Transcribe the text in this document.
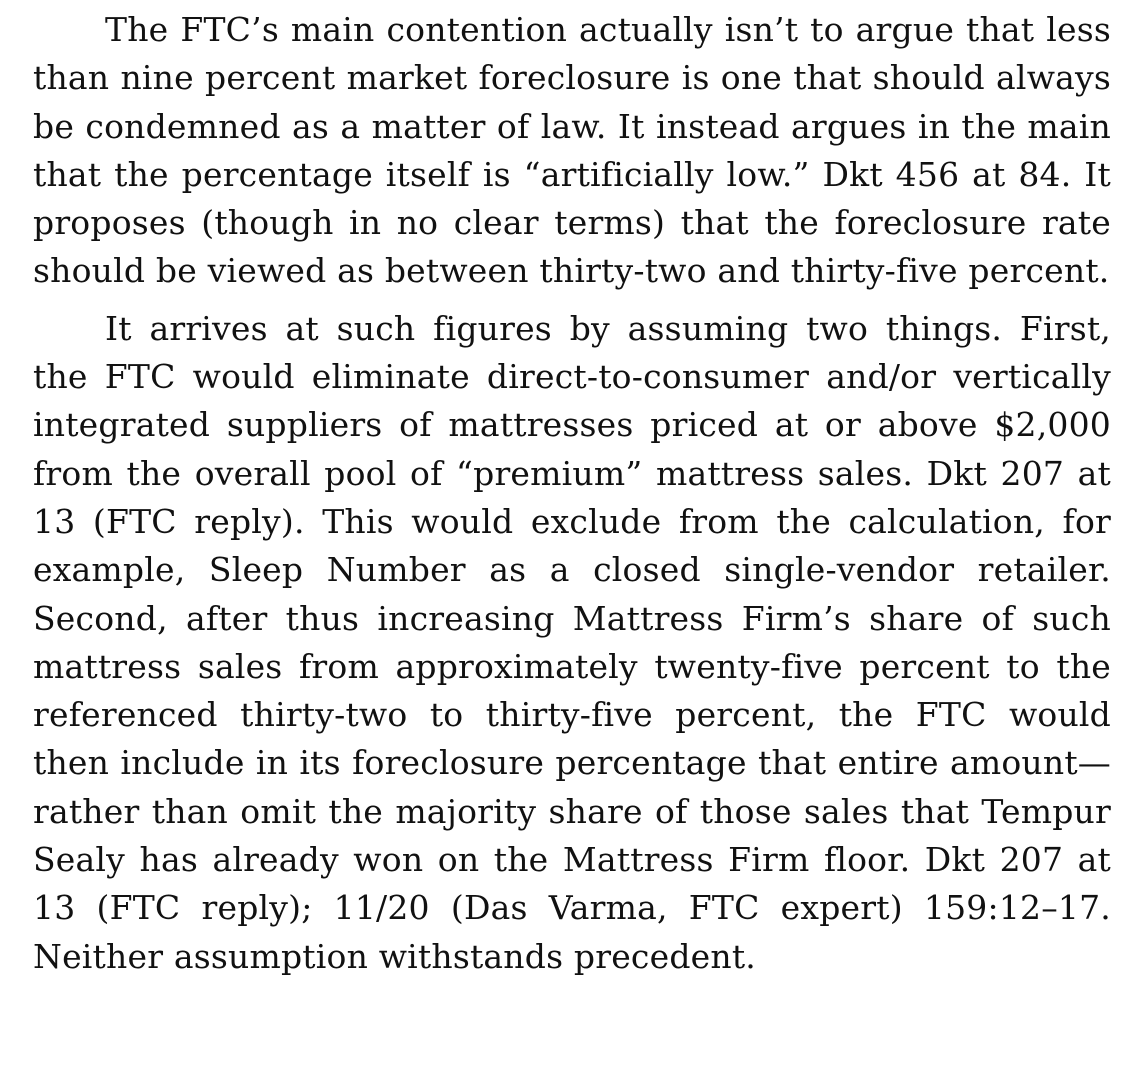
The FTC’s main contention actually isn’t to argue that less than nine percent market foreclosure is one that should always be condemned as a matter of law. It instead argues in the main that the percentage itself is “artificially low.” Dkt 456 at 84. It proposes (though in no clear terms) that the foreclosure rate should be viewed as between thirty-two and thirty-five percent.

It arrives at such figures by assuming two things. First, the FTC would eliminate direct-to-consumer and/or vertically integrated suppliers of mattresses priced at or above $2,000 from the overall pool of “premium” mattress sales. Dkt 207 at 13 (FTC reply). This would exclude from the calculation, for example, Sleep Number as a closed single-vendor retailer. Second, after thus increasing Mattress Firm’s share of such mattress sales from approximately twenty-five percent to the referenced thirty-two to thirty-five percent, the FTC would then include in its foreclosure percentage that entire amount—rather than omit the majority share of those sales that Tempur Sealy has already won on the Mattress Firm floor. Dkt 207 at 13 (FTC reply); 11/20 (Das Varma, FTC expert) 159:12–17. Neither assumption withstands precedent.
